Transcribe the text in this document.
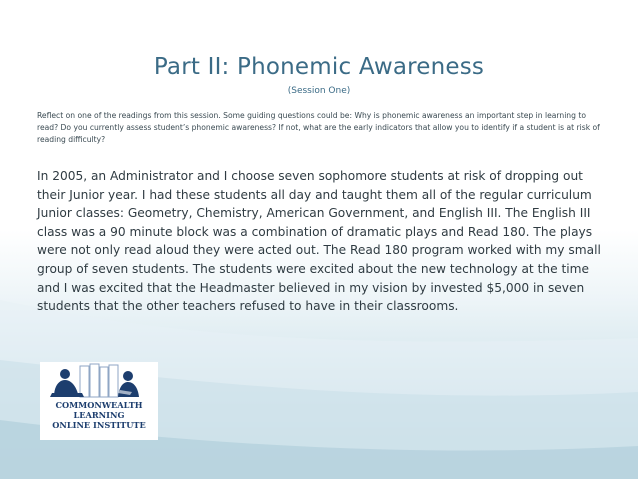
Part II: Phonemic Awareness
(Session One)
Reflect on one of the readings from this session. Some guiding questions could be: Why is phonemic awareness an important step in learning to read? Do you currently assess student’s phonemic awareness? If not, what are the early indicators that allow you to identify if a student is at risk of reading difficulty?
In 2005, an Administrator and I choose seven sophomore students at risk of dropping out their Junior year. I had these students all day and taught them all of the regular curriculum Junior classes: Geometry, Chemistry, American Government, and English III. The English III class was a 90 minute block was a combination of dramatic plays and Read 180. The plays were not only read aloud they were acted out. The Read 180 program worked with my small group of seven students. The students were excited about the new technology at the time and I was excited that the Headmaster believed in my vision by invested $5,000 in seven students that the other teachers refused to have in their classrooms.
COMMONWEALTH
LEARNING
ONLINE INSTITUTE
